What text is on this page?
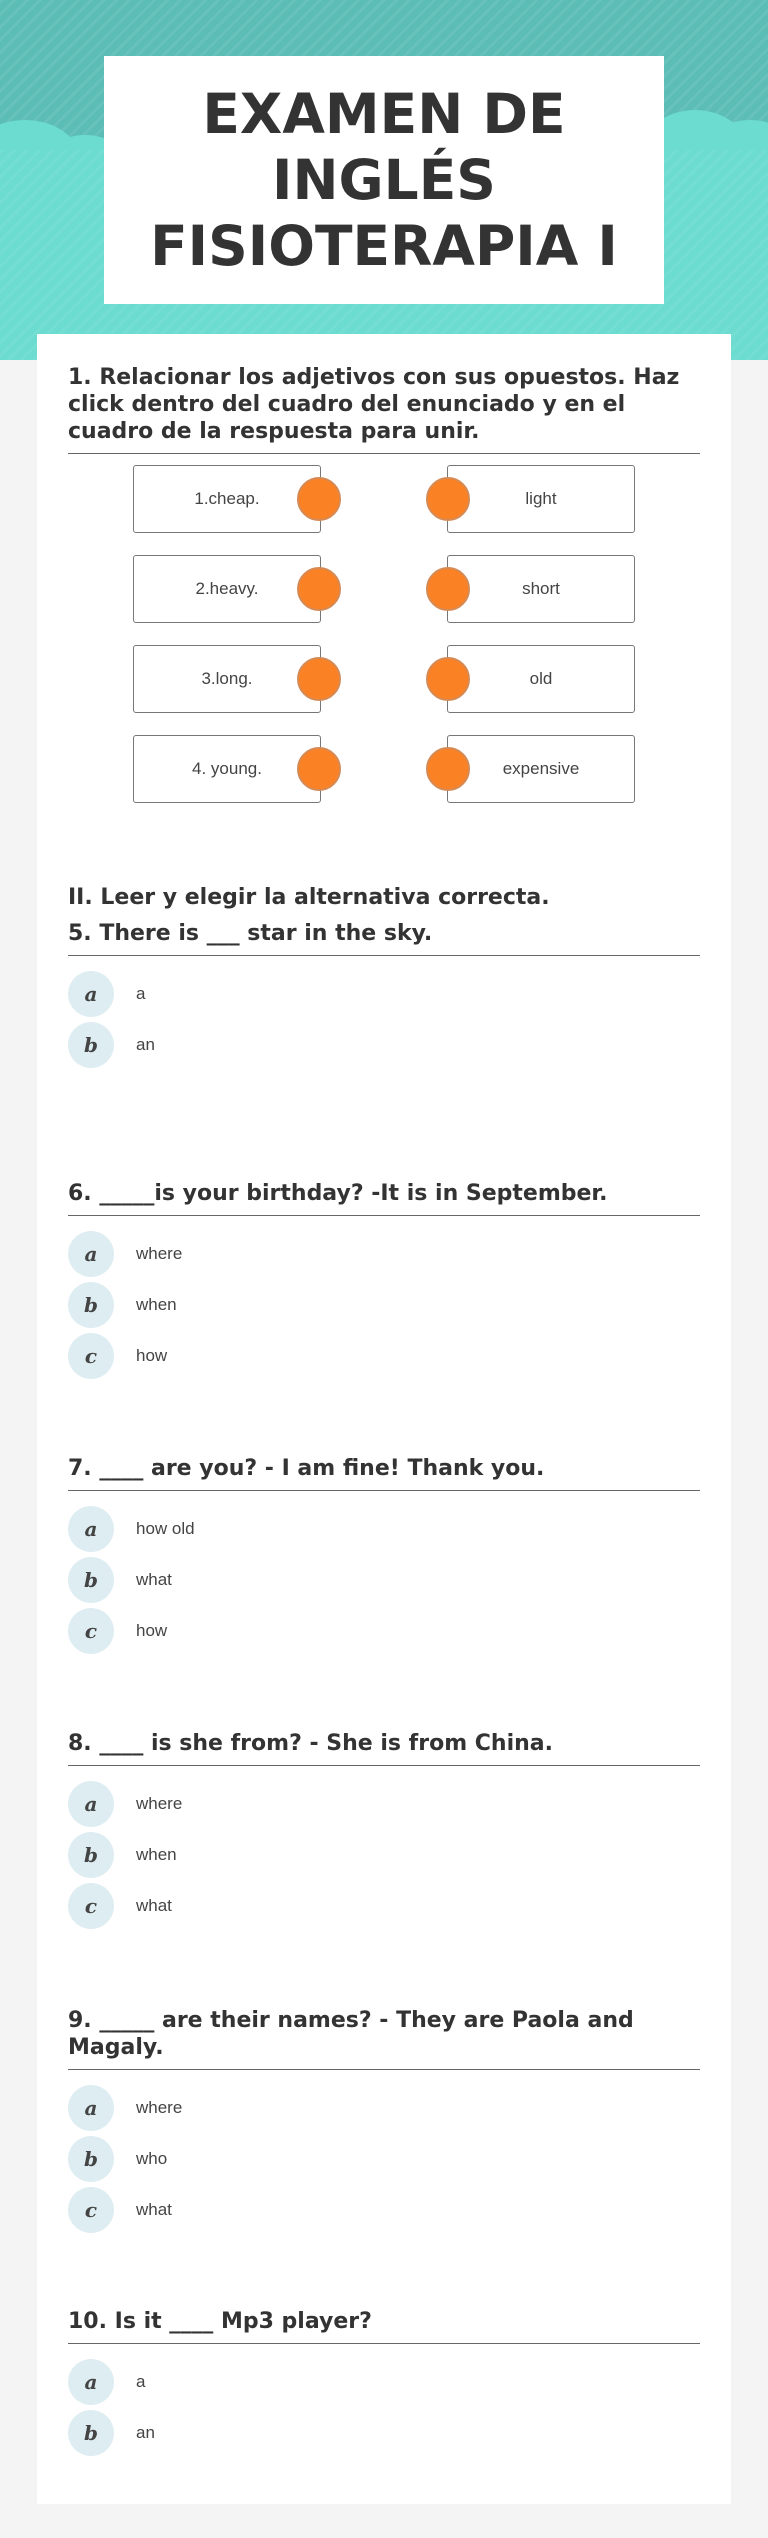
EXAMEN DE
INGLÉS
FISIOTERAPIA I

1. Relacionar los adjetivos con sus opuestos. Haz click dentro del cuadro del enunciado y en el cuadro de la respuesta para unir.

1.cheap.	light
2.heavy.	short
3.long.	old
4. young.	expensive

II. Leer y elegir la alternativa correcta.

5. There is ___ star in the sky.

a	a
b	an

6. _____is your birthday? -It is in September.

a	where
b	when
c	how

7. ____ are you? - I am fine! Thank you.

a	how old
b	what
c	how

8. ____ is she from? - She is from China.

a	where
b	when
c	what

9. _____ are their names? - They are Paola and Magaly.

a	where
b	who
c	what

10. Is it ____ Mp3 player?

a	a
b	an
